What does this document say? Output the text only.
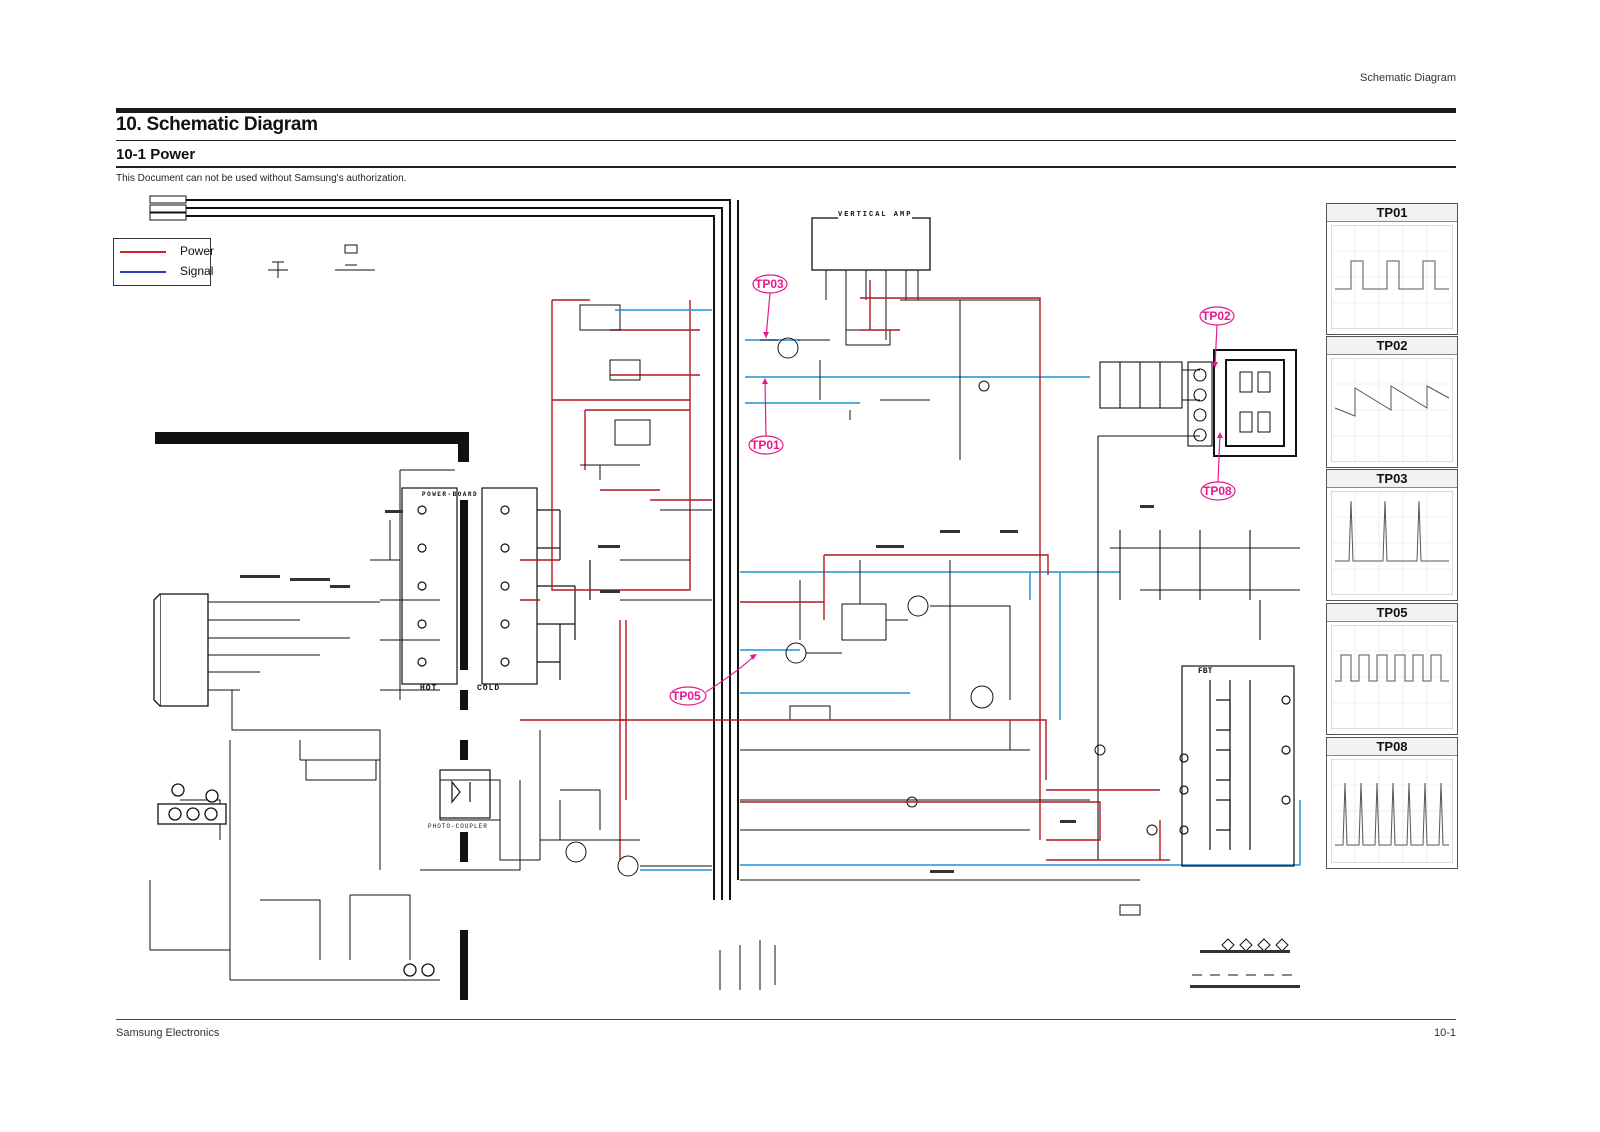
Schematic Diagram
10. Schematic Diagram
10-1 Power
This Document can not be used without Samsung's authorization.
Power
Signal
VERTICAL AMP
POWER-BOARD
HOT	COLD
PHOTO-COUPLER
FBT
TP03
TP02
TP01
TP08
TP05
TP01
TP02
TP03
TP05
TP08
Samsung Electronics	10-1
